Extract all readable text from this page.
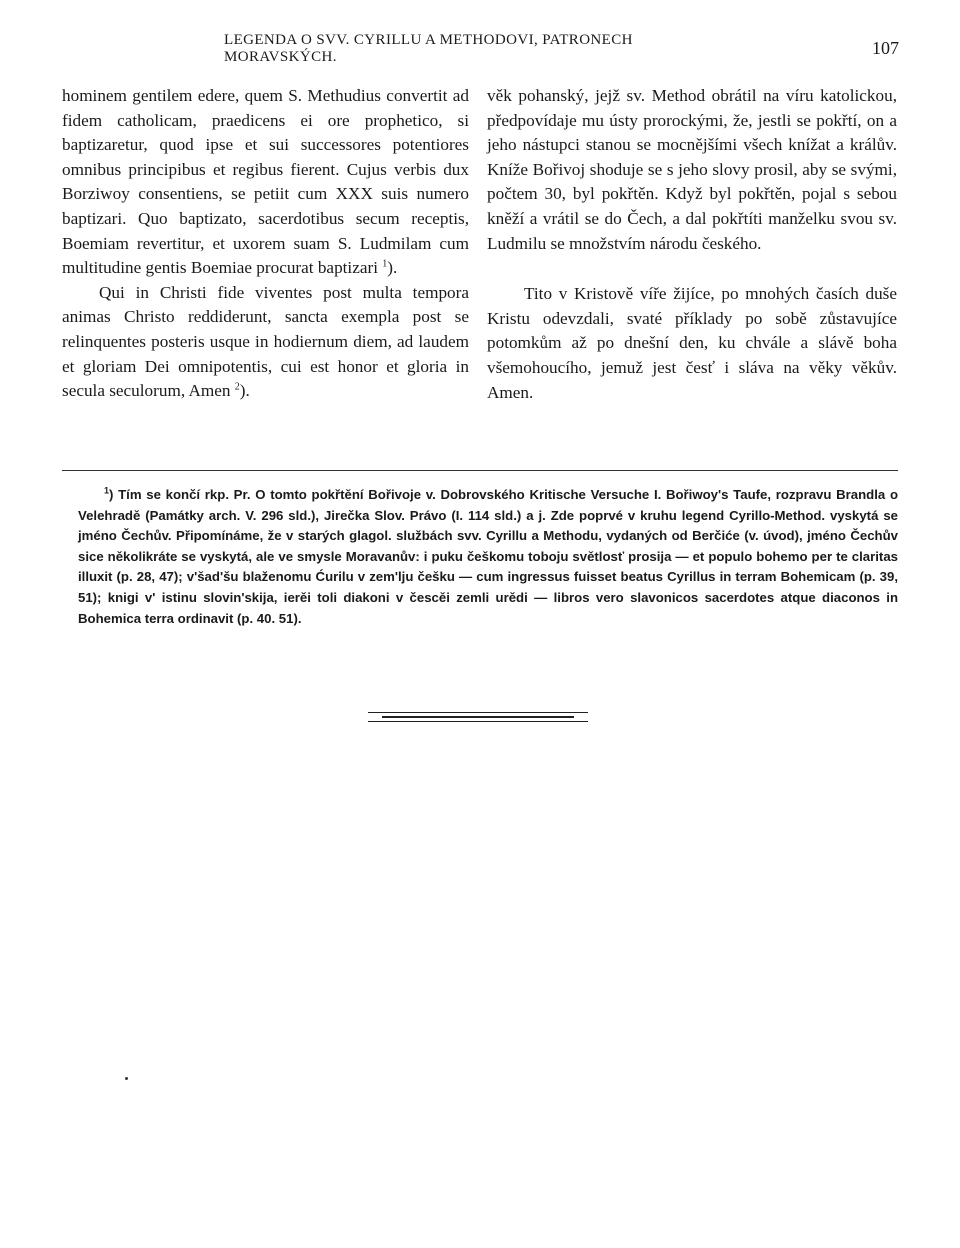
LEGENDA O SVV. CYRILLU A METHODOVI, PATRONECH MORAVSKÝCH.	107

hominem gentilem edere, quem S. Methudius convertit ad fidem catholicam, praedicens ei ore prophetico, si baptizaretur, quod ipse et sui successores potentiores omnibus principibus et regibus fierent. Cujus verbis dux Borziwoy consentiens, se petiit cum XXX suis numero baptizari. Quo baptizato, sacerdotibus secum receptis, Boemiam revertitur, et uxorem suam S. Ludmilam cum multitudine gentis Boemiae procurat baptizari $^1$).

Qui in Christi fide viventes post multa tempora animas Christo reddiderunt, sancta exempla post se relinquentes posteris usque in hodiernum diem, ad laudem et gloriam Dei omnipotentis, cui est honor et gloria in secula seculorum, Amen $^2$).

věk pohanský, jejž sv. Method obrátil na víru katolickou, předpovídaje mu ústy prorockými, že, jestli se pokřtí, on a jeho nástupci stanou se mocnějšími všech knížat a králův. Kníže Bořivoj shoduje se s jeho slovy prosil, aby se svými, počtem 30, byl pokřtěn. Když byl pokřtěn, pojal s sebou kněží a vrátil se do Čech, a dal pokřtíti manželku svou sv. Ludmilu se množstvím národu českého.

Tito v Kristově víře žijíce, po mnohých časích duše Kristu odevzdali, svaté příklady po sobě zůstavujíce potomkům až po dnešní den, ku chvále a slávě boha všemohoucího, jemuž jest česť i sláva na věky věkův. Amen.

$^1$) Tím se končí rkp. Pr. O tomto pokřtění Bořivoje v. Dobrovského Kritische Versuche I. Bořiwoy's Taufe, rozpravu Brandla o Velehradě (Památky arch. V. 296 sld.), Jirečka Slov. Právo (I. 114 sld.) a j. Zde poprvé v kruhu legend Cyrillo-Method. vyskytá se jméno Čechův. Připomínáme, že v starých glagol. službách svv. Cyrillu a Methodu, vydaných od Berčiće (v. úvod), jméno Čechův sice několikráte se vyskytá, ale ve smysle Moravanův: i puku češkomu toboju světlosť prosija — et populo bohemo per te claritas illuxit (p. 28, 47); v'šad'šu blaženomu Ćurilu v zem'lju češku — cum ingressus fuisset beatus Cyrillus in terram Bohemicam (p. 39, 51); knigi v' istinu slovin'skija, ierěi toli diakoni v čescěi zemli urědi — libros vero slavonicos sacerdotes atque diaconos in Bohemica terra ordinavit (p. 40. 51).
